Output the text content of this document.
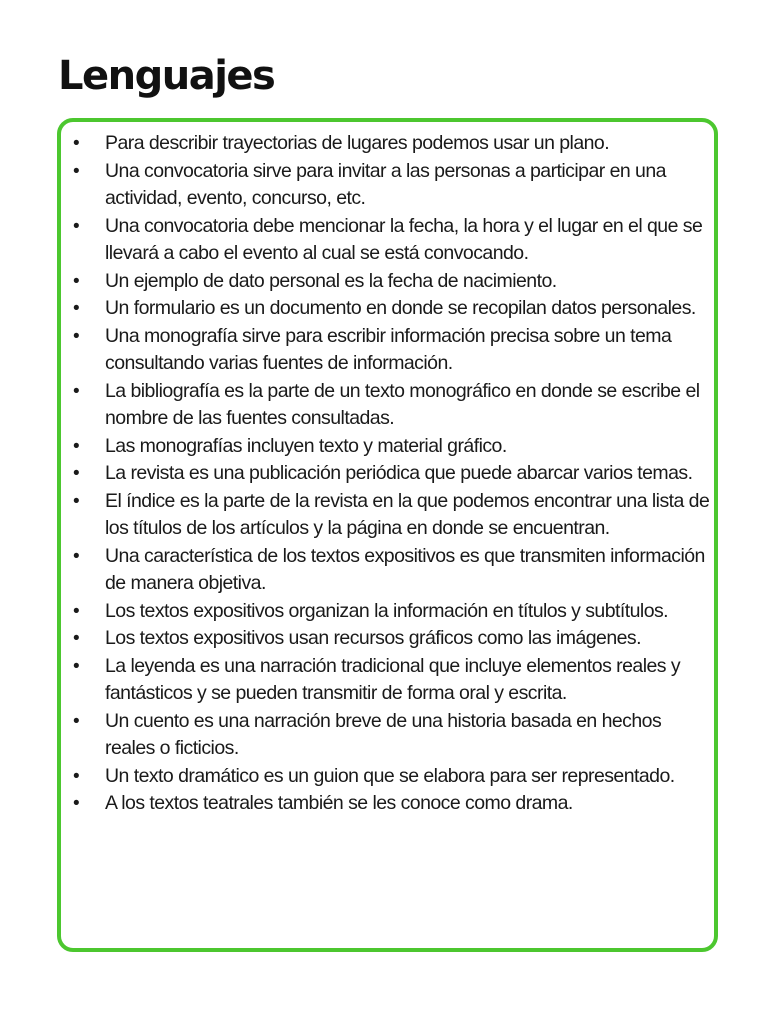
Lenguajes
• Para describir trayectorias de lugares podemos usar un plano.
• Una convocatoria sirve para invitar a las personas a participar en una actividad, evento, concurso, etc.
• Una convocatoria debe mencionar la fecha, la hora y el lugar en el que se llevará a cabo el evento al cual se está convocando.
• Un ejemplo de dato personal es la fecha de nacimiento.
• Un formulario es un documento en donde se recopilan datos personales.
• Una monografía sirve para escribir información precisa sobre un tema consultando varias fuentes de información.
• La bibliografía es la parte de un texto monográfico en donde se escribe el nombre de las fuentes consultadas.
• Las monografías incluyen texto y material gráfico.
• La revista es una publicación periódica que puede abarcar varios temas.
• El índice es la parte de la revista en la que podemos encontrar una lista de los títulos de los artículos y la página en donde se encuentran.
• Una característica de los textos expositivos es que transmiten información de manera objetiva.
• Los textos expositivos organizan la información en títulos y subtítulos.
• Los textos expositivos usan recursos gráficos como las imágenes.
• La leyenda es una narración tradicional que incluye elementos reales y fantásticos y se pueden transmitir de forma oral y escrita.
• Un cuento es una narración breve de una historia basada en hechos reales o ficticios.
• Un texto dramático es un guion que se elabora para ser representado.
• A los textos teatrales también se les conoce como drama.
